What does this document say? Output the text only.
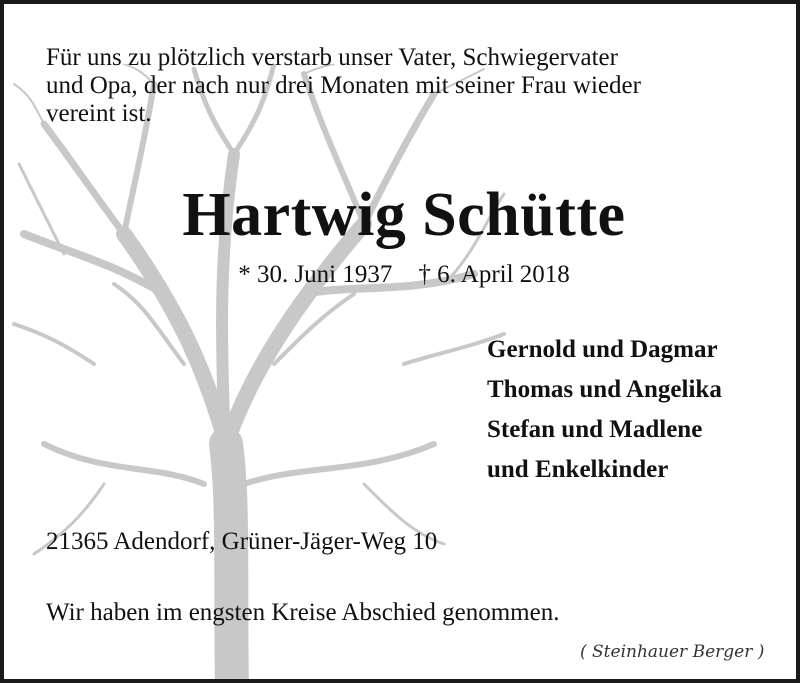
Für uns zu plötzlich verstarb unser Vater, Schwiegervater
und Opa, der nach nur drei Monaten mit seiner Frau wieder
vereint ist.

Hartwig Schütte
* 30. Juni 1937 † 6. April 2018
Gernold und Dagmar
Thomas und Angelika
Stefan und Madlene
und Enkelkinder
21365 Adendorf, Grüner-Jäger-Weg 10
Wir haben im engsten Kreise Abschied genommen.
( Steinhauer Berger )
